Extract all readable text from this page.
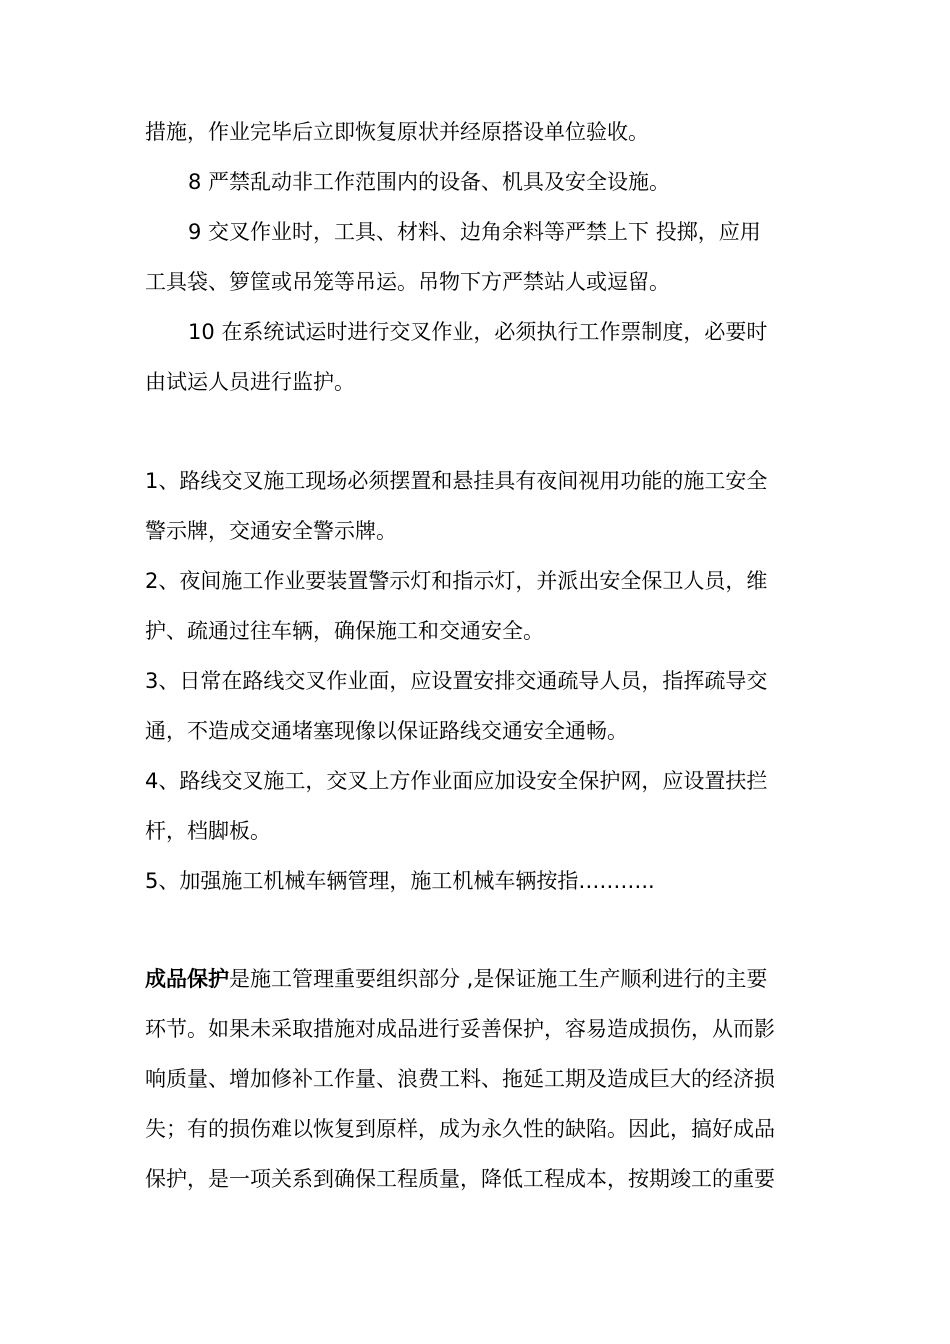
措施，作业完毕后立即恢复原状并经原搭设单位验收。
8 严禁乱动非工作范围内的设备、机具及安全设施。
9 交叉作业时，工具、材料、边角余料等严禁上下 投掷，应用
工具袋、箩筐或吊笼等吊运。吊物下方严禁站人或逗留。
10 在系统试运时进行交叉作业，必须执行工作票制度，必要时
由试运人员进行监护。
1、路线交叉施工现场必须摆置和悬挂具有夜间视用功能的施工安全
警示牌，交通安全警示牌。
2、夜间施工作业要装置警示灯和指示灯，并派出安全保卫人员，维
护、疏通过往车辆，确保施工和交通安全。
3、日常在路线交叉作业面，应设置安排交通疏导人员，指挥疏导交
通，不造成交通堵塞现像以保证路线交通安全通畅。
4、路线交叉施工，交叉上方作业面应加设安全保护网，应设置扶拦
杆，档脚板。
5、加强施工机械车辆管理，施工机械车辆按指………..
成品保护是施工管理重要组织部分 ,是保证施工生产顺利进行的主要
环节。如果未采取措施对成品进行妥善保护，容易造成损伤，从而影
响质量、增加修补工作量、浪费工料、拖延工期及造成巨大的经济损
失；有的损伤难以恢复到原样，成为永久性的缺陷。因此，搞好成品
保护，是一项关系到确保工程质量，降低工程成本，按期竣工的重要
